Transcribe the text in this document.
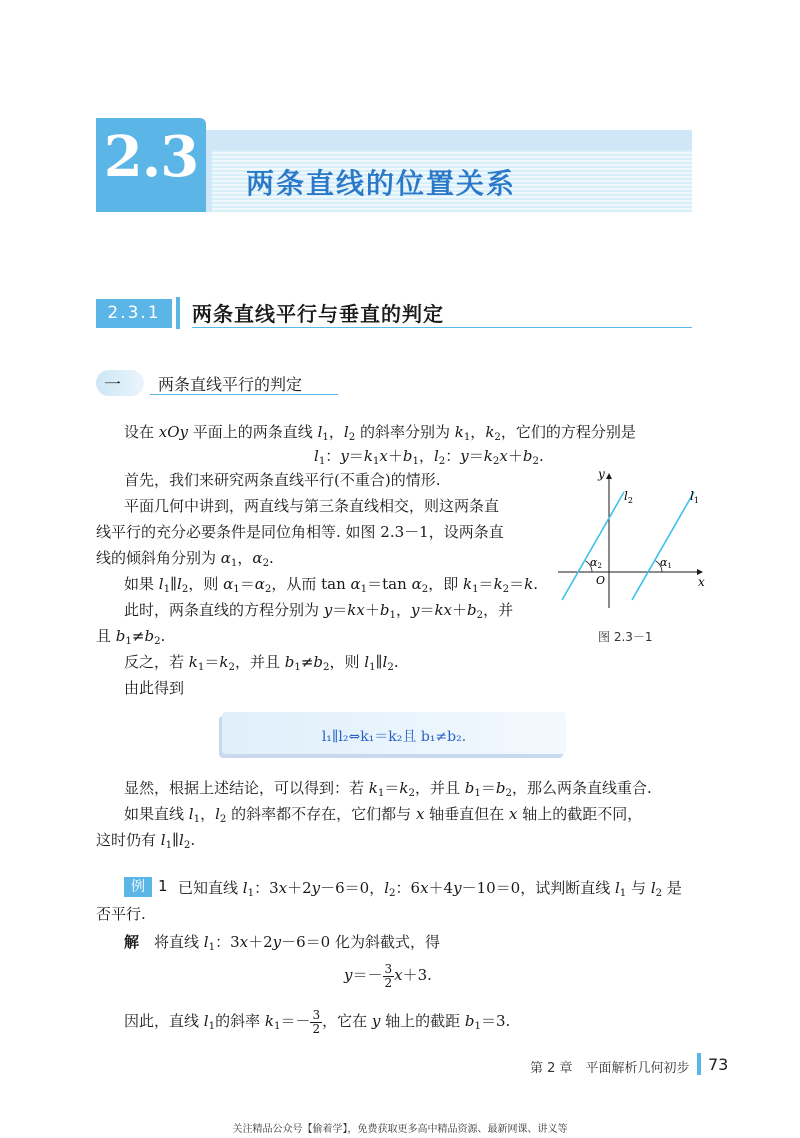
2.3 两条直线的位置关系
2.3.1	两条直线平行与垂直的判定
一 两条直线平行的判定
设在 xOy 平面上的两条直线 $l_1$，$l_2$ 的斜率分别为 $k_1$，$k_2$，它们的方程分别是
$l_1$：$y=k_1x+b_1$，$l_2$：$y=k_2x+b_2$.
首先，我们来研究两条直线平行(不重合)的情形.
平面几何中讲到，两直线与第三条直线相交，则这两条直
线平行的充分必要条件是同位角相等. 如图 2.3－1，设两条直
线的倾斜角分别为 $\alpha_1$，$\alpha_2$.
如果 $l_1\parallel l_2$，则 $\alpha_1=\alpha_2$，从而 $\tan \alpha_1=\tan$ $\alpha_2$，即 $k_1=k_2=k$.
此时，两条直线的方程分别为 $y=kx+b_1$，$y=kx+b_2$，并
且 $b_1\ne b_2$.
反之，若 $k_1=k_2$，并且 $b_1\ne b_2$，则 $l_1\parallel l_2$.
由此得到
y
x
O
$l_2$	$l_1$
α2	α1
图 2.3－1
l₁∥l₂⇔k₁＝k₂且 b₁≠b₂.
显然，根据上述结论，可以得到：若 $k_1=k_2$，并且 $b_1=b_2$，那么两条直线重合.
如果直线 $l_1$，$l_2$ 的斜率都不存在，它们都与 x 轴垂直但在 x 轴上的截距不同，
这时仍有 $l_1\parallel l_2$.
例 1 已知直线 $l_1$：3x＋2y－6＝0，$l_2$：6x＋4y－10＝0，试判断直线 $l_1$ 与 $l_2$ 是
否平行.
解　将直线 $l_1$：3x＋2y－6＝0 化为斜截式，得
$y=- \frac{3}{2} x+3$.
因此，直线 $l_1$的斜率 $k_1=- \frac{3}{2}$ ，它在 y 轴上的截距 $b_1=3$.
第 2 章　平面解析几何初步 73
关注精品公众号【偷着学】，免费获取更多高中精品资源、最新网课、讲义等
